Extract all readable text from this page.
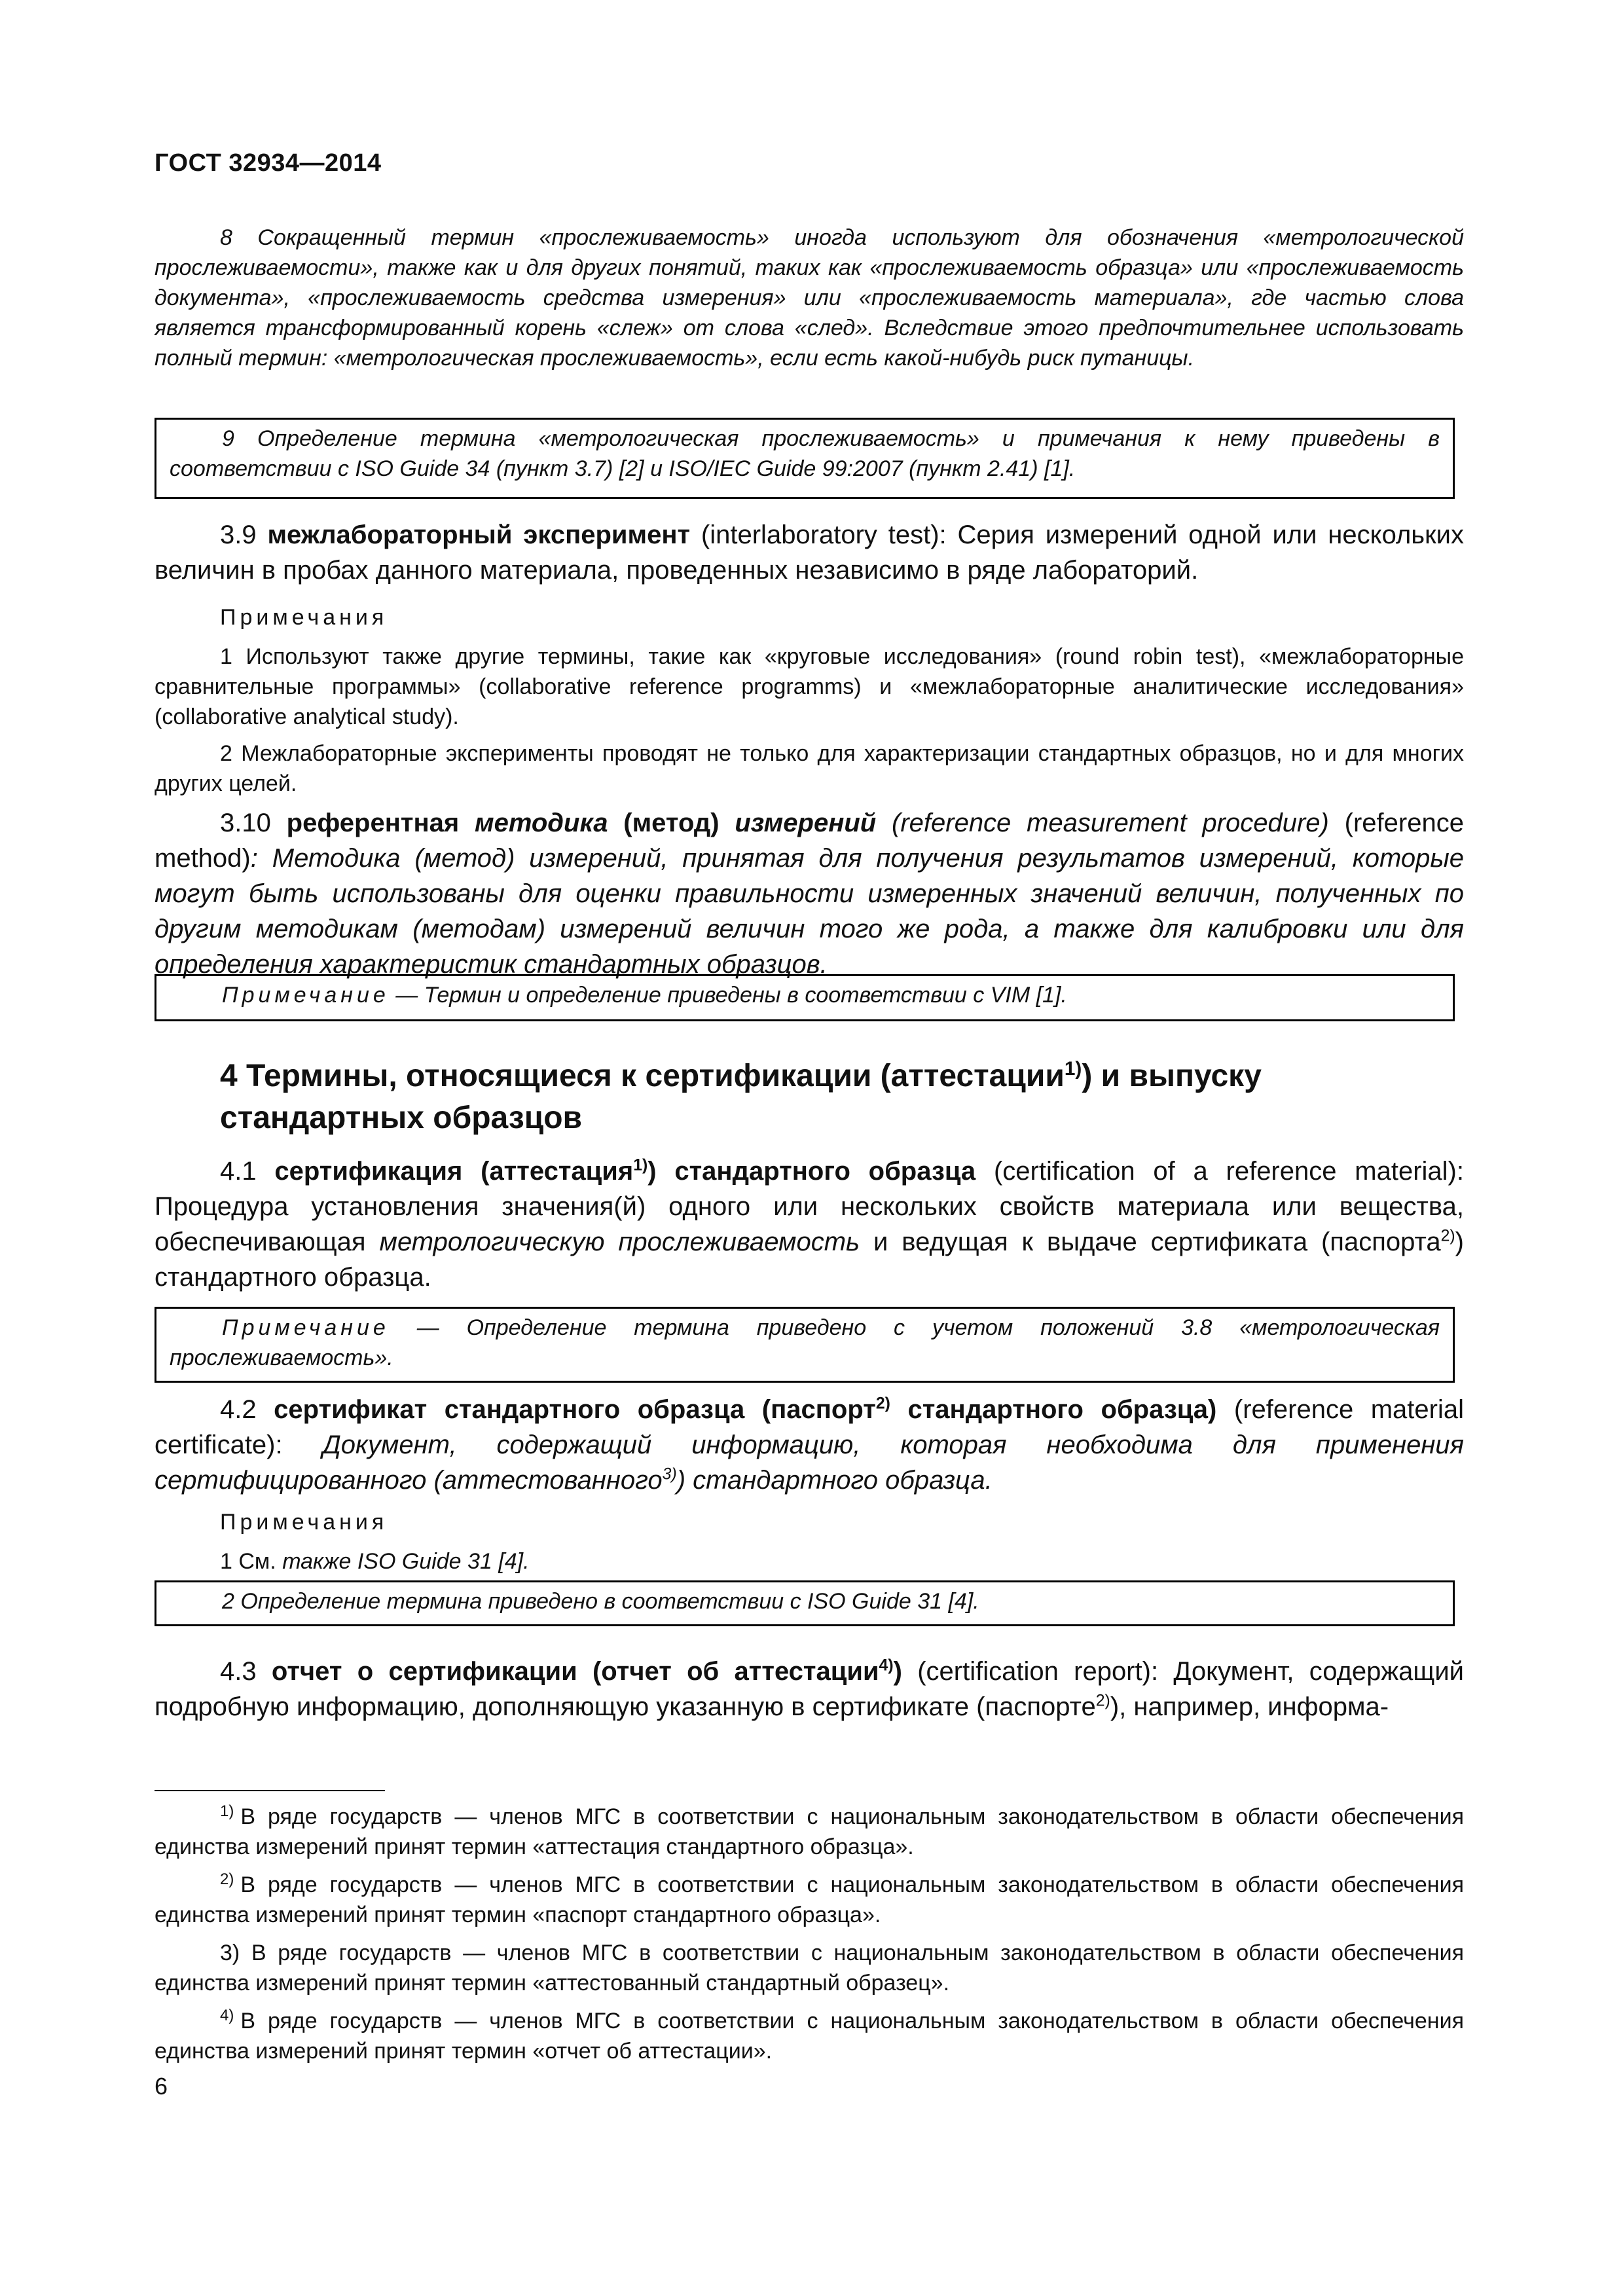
ГОСТ 32934—2014

8 Сокращенный термин «прослеживаемость» иногда используют для обозначения «метрологической прослеживаемости», также как и для других понятий, таких как «прослеживаемость образца» или «прослеживаемость документа», «прослеживаемость средства измерения» или «прослеживаемость материала», где частью слова является трансформированный корень «слеж» от слова «след». Вследствие этого предпочтительнее использовать полный термин: «метрологическая прослеживаемость», если есть какой-нибудь риск путаницы.

9 Определение термина «метрологическая прослеживаемость» и примечания к нему приведены в соответствии с ISO Guide 34 (пункт 3.7) [2] и ISO/IEC Guide 99:2007 (пункт 2.41) [1].

3.9 межлабораторный эксперимент (interlaboratory test): Серия измерений одной или нескольких величин в пробах данного материала, проведенных независимо в ряде лабораторий.

Примечания

1 Используют также другие термины, такие как «круговые исследования» (round robin test), «межлабораторные сравнительные программы» (collaborative reference programms) и «межлабораторные аналитические исследования» (collaborative analytical study).

2 Межлабораторные эксперименты проводят не только для характеризации стандартных образцов, но и для многих других целей.

3.10 референтная методика (метод) измерений (reference measurement procedure) (reference method): Методика (метод) измерений, принятая для получения результатов измерений, которые могут быть использованы для оценки правильности измеренных значений величин, полученных по другим методикам (методам) измерений величин того же рода, а также для калибровки или для определения характеристик стандартных образцов.

Примечание — Термин и определение приведены в соответствии с VIM [1].

4 Термины, относящиеся к сертификации (аттестации$^{1)}$) и выпуску стандартных образцов

4.1 сертификация (аттестация$^{1)}$) стандартного образца (certification of a reference material): Процедура установления значения(й) одного или нескольких свойств материала или вещества, обеспечивающая метрологическую прослеживаемость и ведущая к выдаче сертификата (паспорта$^{2)}$) стандартного образца.

Примечание — Определение термина приведено с учетом положений 3.8 «метрологическая прослеживаемость».

4.2 сертификат стандартного образца (паспорт$^{2)}$ стандартного образца) (reference material certificate): Документ, содержащий информацию, которая необходима для применения сертифицированного (аттестованного$^{3)}$) стандартного образца.

Примечания

1 См. также ISO Guide 31 [4].

2 Определение термина приведено в соответствии с ISO Guide 31 [4].

4.3 отчет о сертификации (отчет об аттестации$^{4)}$) (certification report): Документ, содержащий подробную информацию, дополняющую указанную в сертификате (паспорте$^{2)}$), например, информа-

$^{1)}$ В ряде государств — членов МГС в соответствии с национальным законодательством в области обеспечения единства измерений принят термин «аттестация стандартного образца».

$^{2)}$ В ряде государств — членов МГС в соответствии с национальным законодательством в области обеспечения единства измерений принят термин «паспорт стандартного образца».

3) В ряде государств — членов МГС в соответствии с национальным законодательством в области обеспечения единства измерений принят термин «аттестованный стандартный образец».

$^{4)}$ В ряде государств — членов МГС в соответствии с национальным законодательством в области обеспечения единства измерений принят термин «отчет об аттестации».

6
